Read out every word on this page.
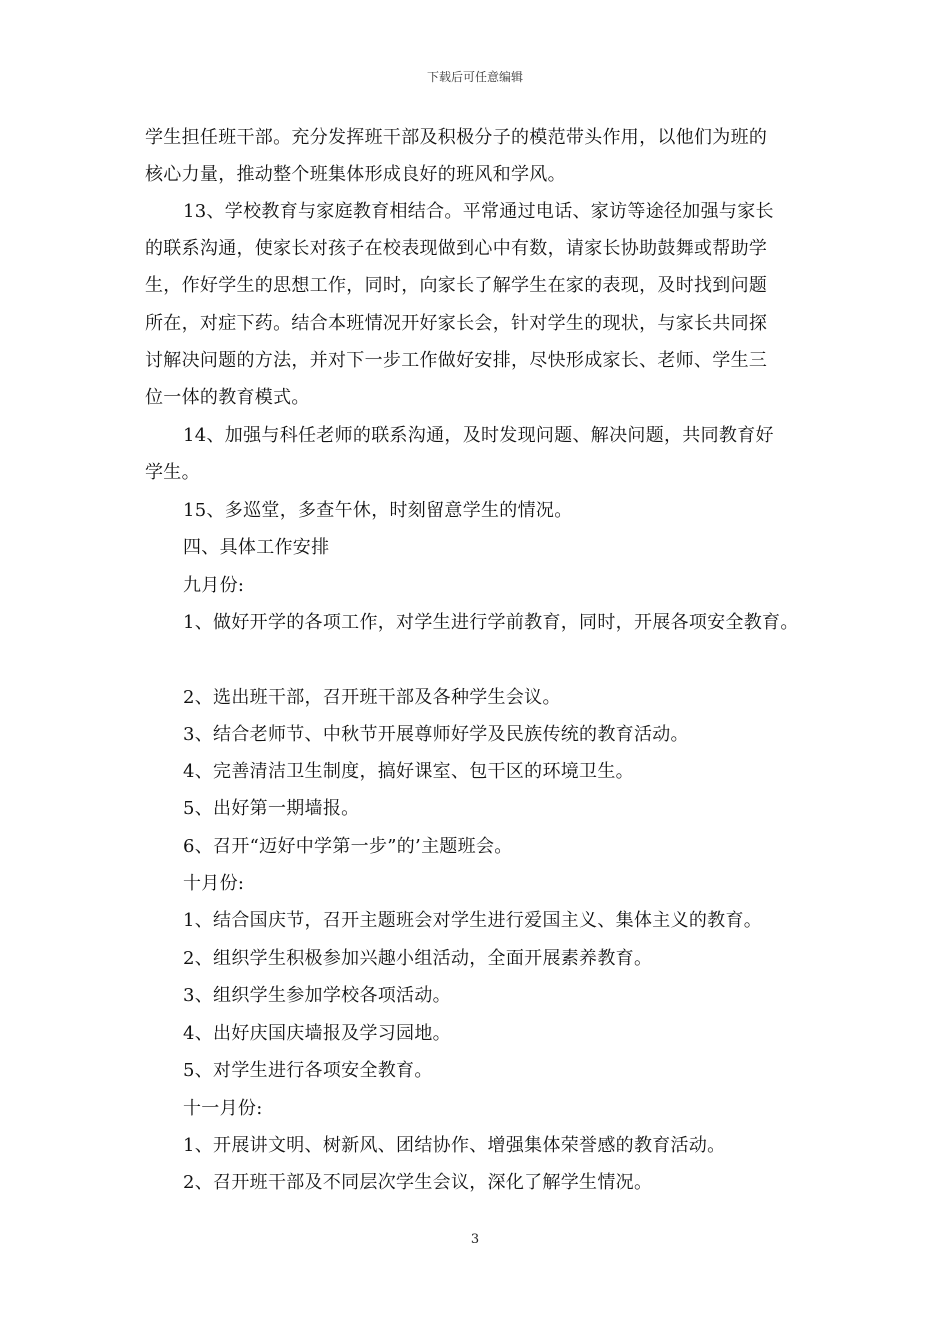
下载后可任意编辑
学生担任班干部。充分发挥班干部及积极分子的模范带头作用，以他们为班的
核心力量，推动整个班集体形成良好的班风和学风。
13、学校教育与家庭教育相结合。平常通过电话、家访等途径加强与家长
的联系沟通，使家长对孩子在校表现做到心中有数，请家长协助鼓舞或帮助学
生，作好学生的思想工作，同时，向家长了解学生在家的表现，及时找到问题
所在，对症下药。结合本班情况开好家长会，针对学生的现状，与家长共同探
讨解决问题的方法，并对下一步工作做好安排，尽快形成家长、老师、学生三
位一体的教育模式。
14、加强与科任老师的联系沟通，及时发现问题、解决问题，共同教育好
学生。
15、多巡堂，多查午休，时刻留意学生的情况。
四、具体工作安排
九月份:
1、做好开学的各项工作，对学生进行学前教育，同时，开展各项安全教育。
2、选出班干部，召开班干部及各种学生会议。
3、结合老师节、中秋节开展尊师好学及民族传统的教育活动。
4、完善清洁卫生制度，搞好课室、包干区的环境卫生。
5、出好第一期墙报。
6、召开“迈好中学第一步”的’主题班会。
十月份:
1、结合国庆节，召开主题班会对学生进行爱国主义、集体主义的教育。
2、组织学生积极参加兴趣小组活动，全面开展素养教育。
3、组织学生参加学校各项活动。
4、出好庆国庆墙报及学习园地。
5、对学生进行各项安全教育。
十一月份:
1、开展讲文明、树新风、团结协作、增强集体荣誉感的教育活动。
2、召开班干部及不同层次学生会议，深化了解学生情况。
3
